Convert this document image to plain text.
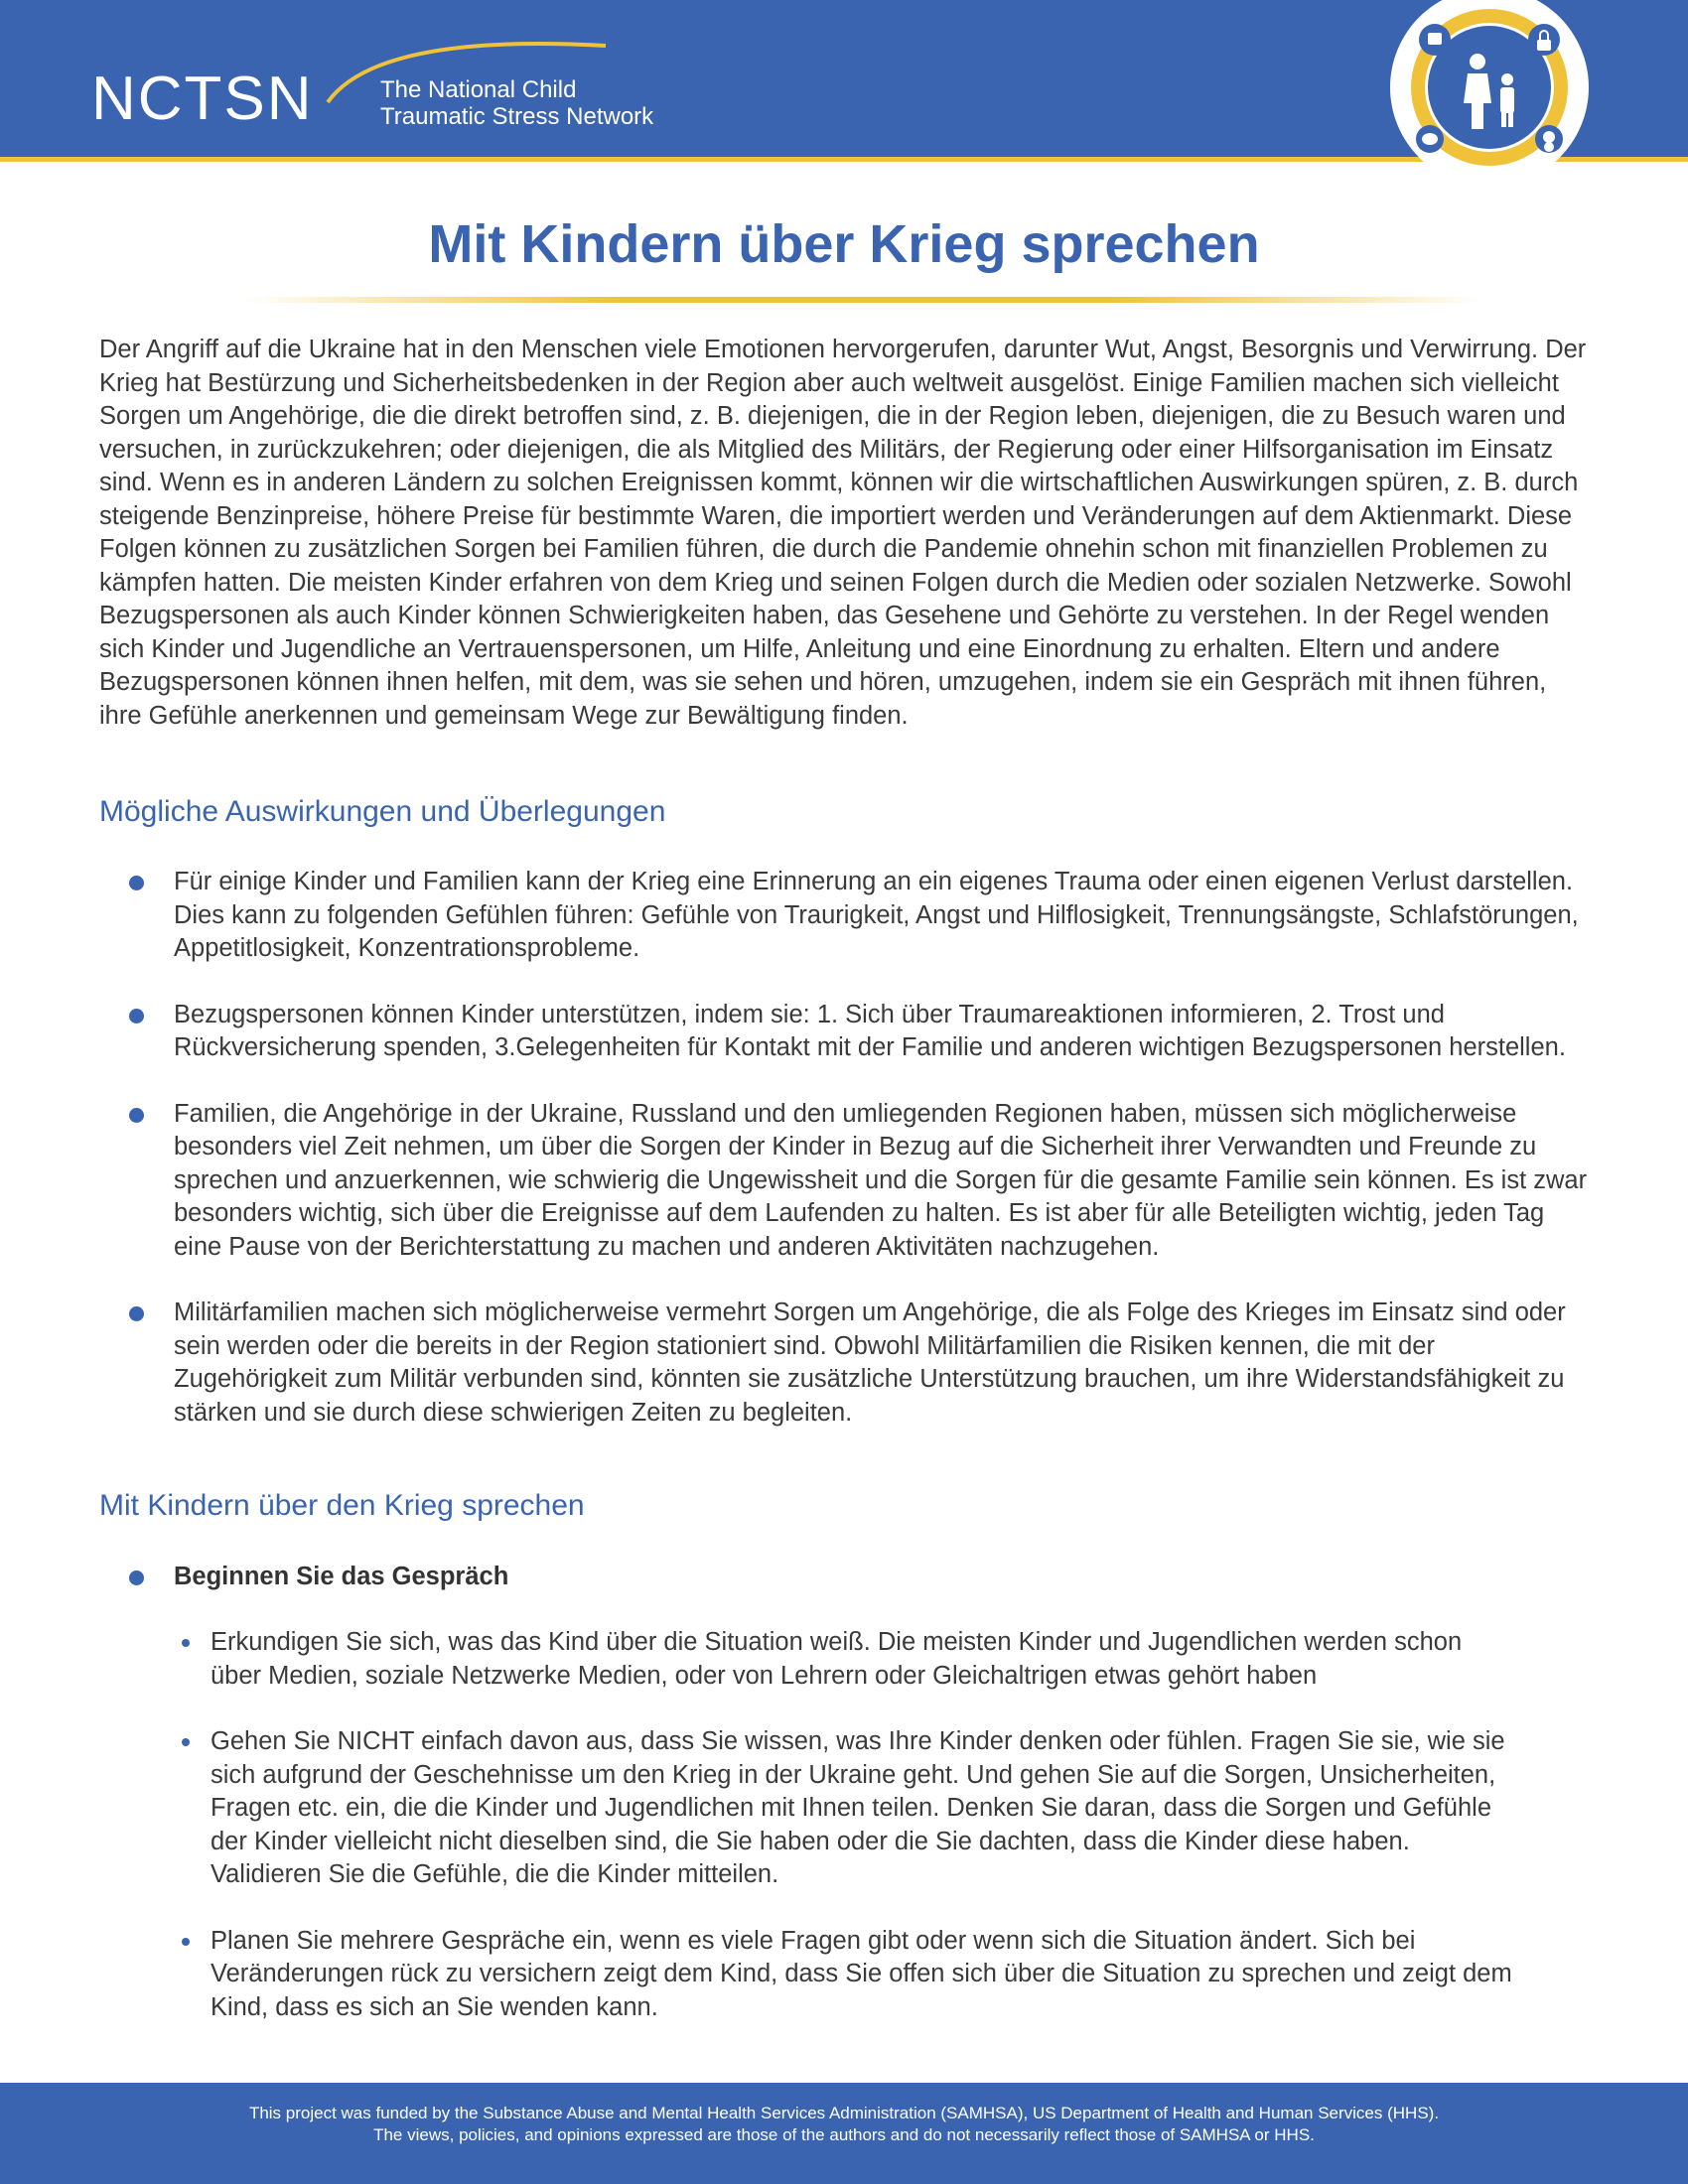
NCTSN	The National Child
Traumatic Stress Network
Mit Kindern über Krieg sprechen

Der Angriff auf die Ukraine hat in den Menschen viele Emotionen hervorgerufen, darunter Wut, Angst, Besorgnis und Verwirrung. Der Krieg hat Bestürzung und Sicherheitsbedenken in der Region aber auch weltweit ausgelöst. Einige Familien machen sich vielleicht Sorgen um Angehörige, die die direkt betroffen sind, z. B. diejenigen, die in der Region leben, diejenigen, die zu Besuch waren und versuchen, in zurückzukehren; oder diejenigen, die als Mitglied des Militärs, der Regierung oder einer Hilfsorganisation im Einsatz sind. Wenn es in anderen Ländern zu solchen Ereignissen kommt, können wir die wirtschaftlichen Auswirkungen spüren, z. B. durch steigende Benzinpreise, höhere Preise für bestimmte Waren, die importiert werden und Veränderungen auf dem Aktienmarkt. Diese Folgen können zu zusätzlichen Sorgen bei Familien führen, die durch die Pandemie ohnehin schon mit finanziellen Problemen zu kämpfen hatten. Die meisten Kinder erfahren von dem Krieg und seinen Folgen durch die Medien oder sozialen Netzwerke. Sowohl Bezugspersonen als auch Kinder können Schwierigkeiten haben, das Gesehene und Gehörte zu verstehen. In der Regel wenden sich Kinder und Jugendliche an Vertrauenspersonen, um Hilfe, Anleitung und eine Einordnung zu erhalten. Eltern und andere Bezugspersonen können ihnen helfen, mit dem, was sie sehen und hören, umzugehen, indem sie ein Gespräch mit ihnen führen, ihre Gefühle anerkennen und gemeinsam Wege zur Bewältigung finden.

Mögliche Auswirkungen und Überlegungen
Für einige Kinder und Familien kann der Krieg eine Erinnerung an ein eigenes Trauma oder einen eigenen Verlust darstellen. Dies kann zu folgenden Gefühlen führen: Gefühle von Traurigkeit, Angst und Hilflosigkeit, Trennungsängste, Schlafstörungen, Appetitlosigkeit, Konzentrationsprobleme.
Bezugspersonen können Kinder unterstützen, indem sie: 1. Sich über Traumareaktionen informieren, 2. Trost und Rückversicherung spenden, 3.Gelegenheiten für Kontakt mit der Familie und anderen wichtigen Bezugspersonen herstellen.
Familien, die Angehörige in der Ukraine, Russland und den umliegenden Regionen haben, müssen sich möglicherweise besonders viel Zeit nehmen, um über die Sorgen der Kinder in Bezug auf die Sicherheit ihrer Verwandten und Freunde zu sprechen und anzuerkennen, wie schwierig die Ungewissheit und die Sorgen für die gesamte Familie sein können. Es ist zwar besonders wichtig, sich über die Ereignisse auf dem Laufenden zu halten. Es ist aber für alle Beteiligten wichtig, jeden Tag eine Pause von der Berichterstattung zu machen und anderen Aktivitäten nachzugehen.
Militärfamilien machen sich möglicherweise vermehrt Sorgen um Angehörige, die als Folge des Krieges im Einsatz sind oder sein werden oder die bereits in der Region stationiert sind. Obwohl Militärfamilien die Risiken kennen, die mit der Zugehörigkeit zum Militär verbunden sind, könnten sie zusätzliche Unterstützung brauchen, um ihre Widerstandsfähigkeit zu stärken und sie durch diese schwierigen Zeiten zu begleiten.
Mit Kindern über den Krieg sprechen
Beginnen Sie das Gespräch
Erkundigen Sie sich, was das Kind über die Situation weiß. Die meisten Kinder und Jugendlichen werden schon über Medien, soziale Netzwerke Medien, oder von Lehrern oder Gleichaltrigen etwas gehört haben
Gehen Sie NICHT einfach davon aus, dass Sie wissen, was Ihre Kinder denken oder fühlen. Fragen Sie sie, wie sie sich aufgrund der Geschehnisse um den Krieg in der Ukraine geht. Und gehen Sie auf die Sorgen, Unsicherheiten, Fragen etc. ein, die die Kinder und Jugendlichen mit Ihnen teilen. Denken Sie daran, dass die Sorgen und Gefühle der Kinder vielleicht nicht dieselben sind, die Sie haben oder die Sie dachten, dass die Kinder diese haben. Validieren Sie die Gefühle, die die Kinder mitteilen.
Planen Sie mehrere Gespräche ein, wenn es viele Fragen gibt oder wenn sich die Situation ändert. Sich bei Veränderungen rück zu versichern zeigt dem Kind, dass Sie offen sich über die Situation zu sprechen und zeigt dem Kind, dass es sich an Sie wenden kann.
This project was funded by the Substance Abuse and Mental Health Services Administration (SAMHSA), US Department of Health and Human Services (HHS).
The views, policies, and opinions expressed are those of the authors and do not necessarily reflect those of SAMHSA or HHS.
